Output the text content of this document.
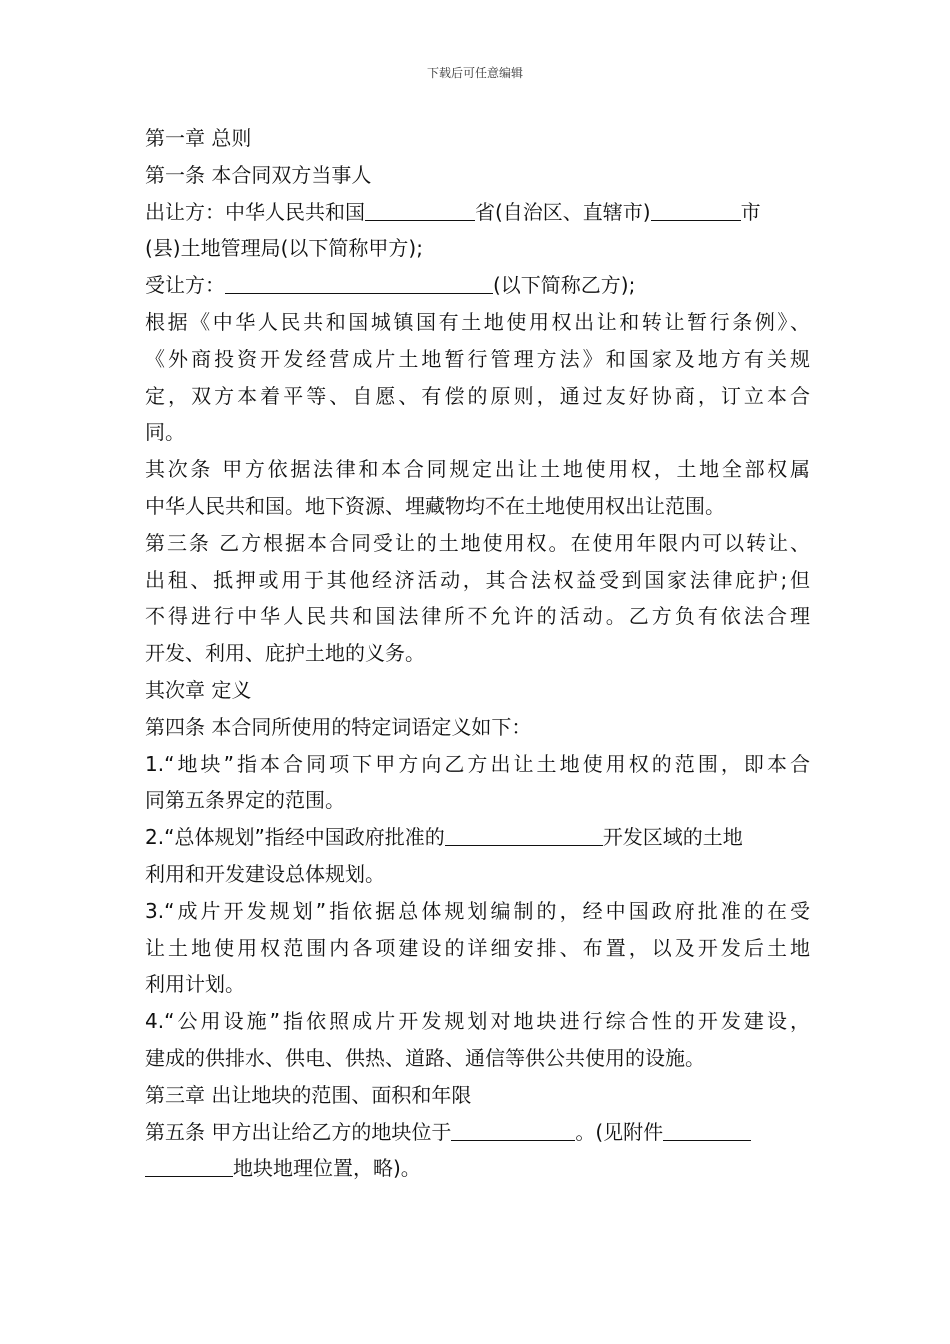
下载后可任意编辑
第一章 总则
第一条 本合同双方当事人
出让方：中华人民共和国	省(自治区、直辖市)	市
(县)土地管理局(以下简称甲方);
受让方：	(以下简称乙方);
根据《中华人民共和国城镇国有土地使用权出让和转让暂行条例》、
《外商投资开发经营成片土地暂行管理方法》和国家及地方有关规
定，双方本着平等、自愿、有偿的原则，通过友好协商，订立本合
同。
其次条 甲方依据法律和本合同规定出让土地使用权，土地全部权属
中华人民共和国。地下资源、埋藏物均不在土地使用权出让范围。
第三条 乙方根据本合同受让的土地使用权。在使用年限内可以转让、
出租、抵押或用于其他经济活动，其合法权益受到国家法律庇护;但
不得进行中华人民共和国法律所不允许的活动。乙方负有依法合理
开发、利用、庇护土地的义务。
其次章 定义
第四条 本合同所使用的特定词语定义如下：
1.“地块”指本合同项下甲方向乙方出让土地使用权的范围，即本合
同第五条界定的范围。
2.“总体规划”指经中国政府批准的	开发区域的土地
利用和开发建设总体规划。
3.“成片开发规划”指依据总体规划编制的，经中国政府批准的在受
让土地使用权范围内各项建设的详细安排、布置，以及开发后土地
利用计划。
4.“公用设施”指依照成片开发规划对地块进行综合性的开发建设，
建成的供排水、供电、供热、道路、通信等供公共使用的设施。
第三章 出让地块的范围、面积和年限
第五条 甲方出让给乙方的地块位于	。(见附件
地块地理位置，略)。
